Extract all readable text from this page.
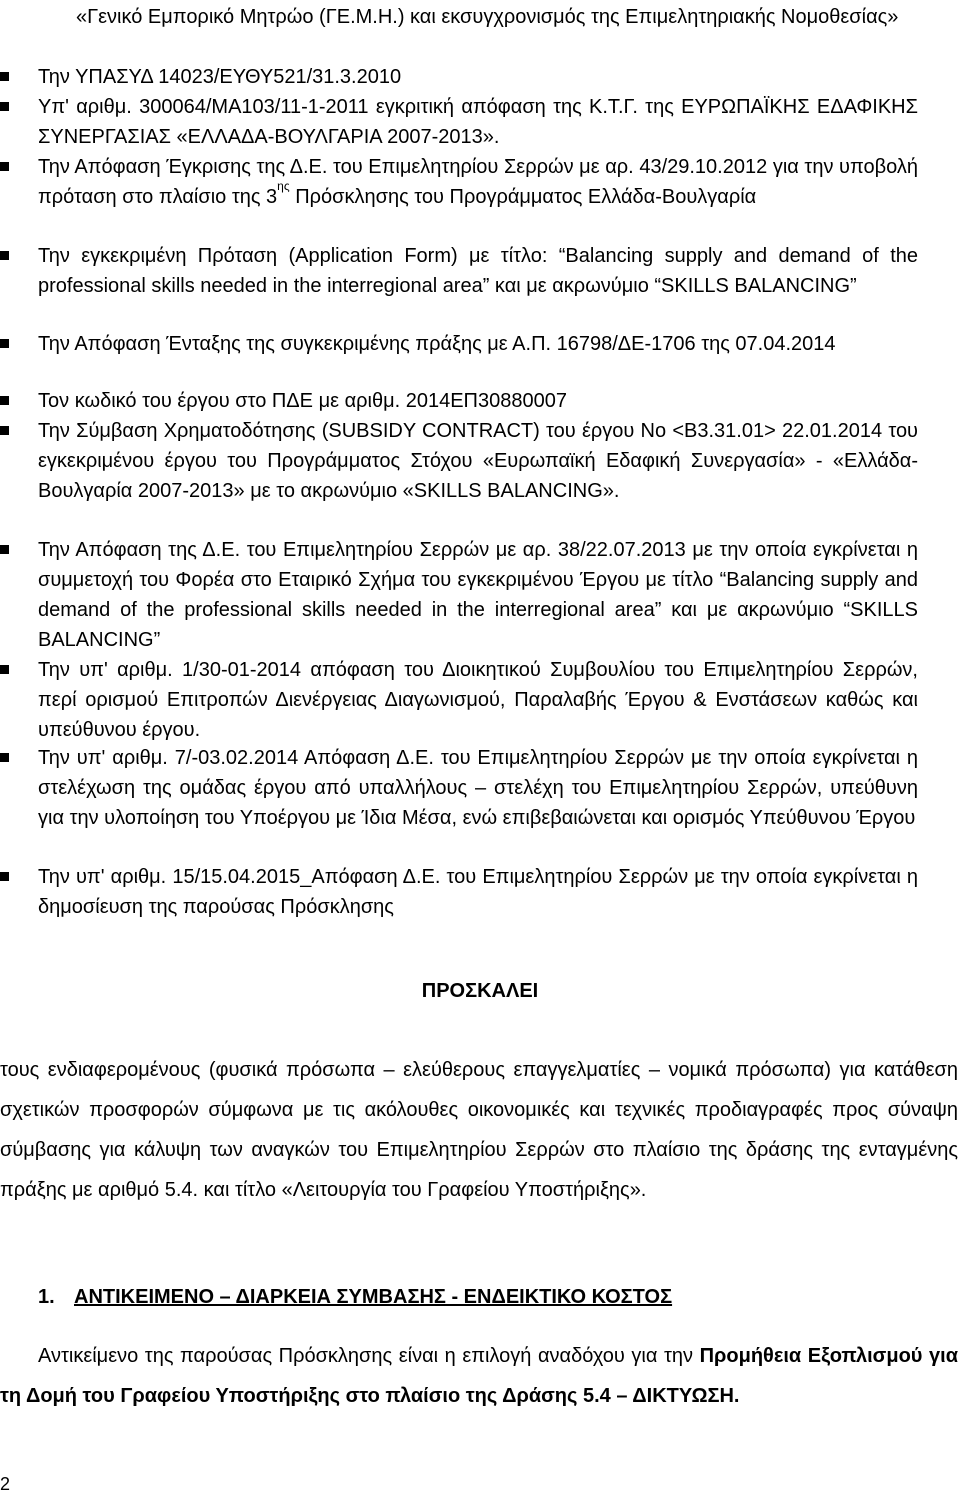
«Γενικό Εμπορικό Μητρώο (ΓΕ.Μ.Η.) και εκσυγχρονισμός της Επιμελητηριακής Νομοθεσίας»
Την ΥΠΑΣΥΔ 14023/ΕΥΘΥ521/31.3.2010
Υπ' αριθμ. 300064/ΜΑ103/11-1-2011 εγκριτική απόφαση της Κ.Τ.Γ. της ΕΥΡΩΠΑΪΚΗΣ ΕΔΑΦΙΚΗΣ ΣΥΝΕΡΓΑΣΙΑΣ «ΕΛΛΑΔΑ-ΒΟΥΛΓΑΡΙΑ 2007-2013».
Την Απόφαση Έγκρισης της Δ.Ε. του Επιμελητηρίου Σερρών με αρ. 43/29.10.2012 για την υποβολή πρόταση στο πλαίσιο της $3^{\eta\varsigma}$ Πρόσκλησης του Προγράμματος Ελλάδα-Βουλγαρία
Την εγκεκριμένη Πρόταση (Application Form) με τίτλο: “Balancing supply and demand of the professional skills needed in the interregional area” και με ακρωνύμιο “SKILLS BALANCING”
Την Απόφαση Ένταξης της συγκεκριμένης πράξης με Α.Π. 16798/ΔΕ-1706 της 07.04.2014
Τον κωδικό του έργου στο ΠΔΕ με αριθμ. 2014ΕΠ30880007
Την Σύμβαση Χρηματοδότησης (SUBSIDY CONTRACT) του έργου Νο <Β3.31.01> 22.01.2014 του εγκεκριμένου έργου του Προγράμματος Στόχου «Ευρωπαϊκή Εδαφική Συνεργασία» - «Ελλάδα-Βουλγαρία 2007-2013» με το ακρωνύμιο «SKILLS BALANCING».
Την Απόφαση της Δ.Ε. του Επιμελητηρίου Σερρών με αρ. 38/22.07.2013 με την οποία εγκρίνεται η συμμετοχή του Φορέα στο Εταιρικό Σχήμα του εγκεκριμένου Έργου με τίτλο “Balancing supply and demand of the professional skills needed in the interregional area” και με ακρωνύμιο “SKILLS BALANCING”
Την υπ' αριθμ. 1/30-01-2014 απόφαση του Διοικητικού Συμβουλίου του Επιμελητηρίου Σερρών, περί ορισμού Επιτροπών Διενέργειας Διαγωνισμού, Παραλαβής Έργου & Ενστάσεων καθώς και υπεύθυνου έργου.
Την υπ' αριθμ. 7/-03.02.2014 Απόφαση Δ.Ε. του Επιμελητηρίου Σερρών με την οποία εγκρίνεται η στελέχωση της ομάδας έργου από υπαλλήλους – στελέχη του Επιμελητηρίου Σερρών, υπεύθυνη για την υλοποίηση του Υποέργου με Ίδια Μέσα, ενώ επιβεβαιώνεται και ορισμός Υπεύθυνου Έργου
Την υπ' αριθμ. 15/15.04.2015_Απόφαση Δ.Ε. του Επιμελητηρίου Σερρών με την οποία εγκρίνεται η δημοσίευση της παρούσας Πρόσκλησης
ΠΡΟΣΚΑΛΕΙ
τους ενδιαφερομένους (φυσικά πρόσωπα – ελεύθερους επαγγελματίες – νομικά πρόσωπα) για κατάθεση σχετικών προσφορών σύμφωνα με τις ακόλουθες οικονομικές και τεχνικές προδιαγραφές προς σύναψη σύμβασης για κάλυψη των αναγκών του Επιμελητηρίου Σερρών στο πλαίσιο της δράσης της ενταγμένης πράξης με αριθμό 5.4. και τίτλο «Λειτουργία του Γραφείου Υποστήριξης».
1. ΑΝΤΙΚΕΙΜΕΝΟ – ΔΙΑΡΚΕΙΑ ΣΥΜΒΑΣΗΣ - ΕΝΔΕΙΚΤΙΚΟ ΚΟΣΤΟΣ
Αντικείμενο της παρούσας Πρόσκλησης είναι η επιλογή αναδόχου για την Προμήθεια Εξοπλισμού για τη Δομή του Γραφείου Υποστήριξης στο πλαίσιο της Δράσης 5.4 – ΔΙΚΤΥΩΣΗ.
2
